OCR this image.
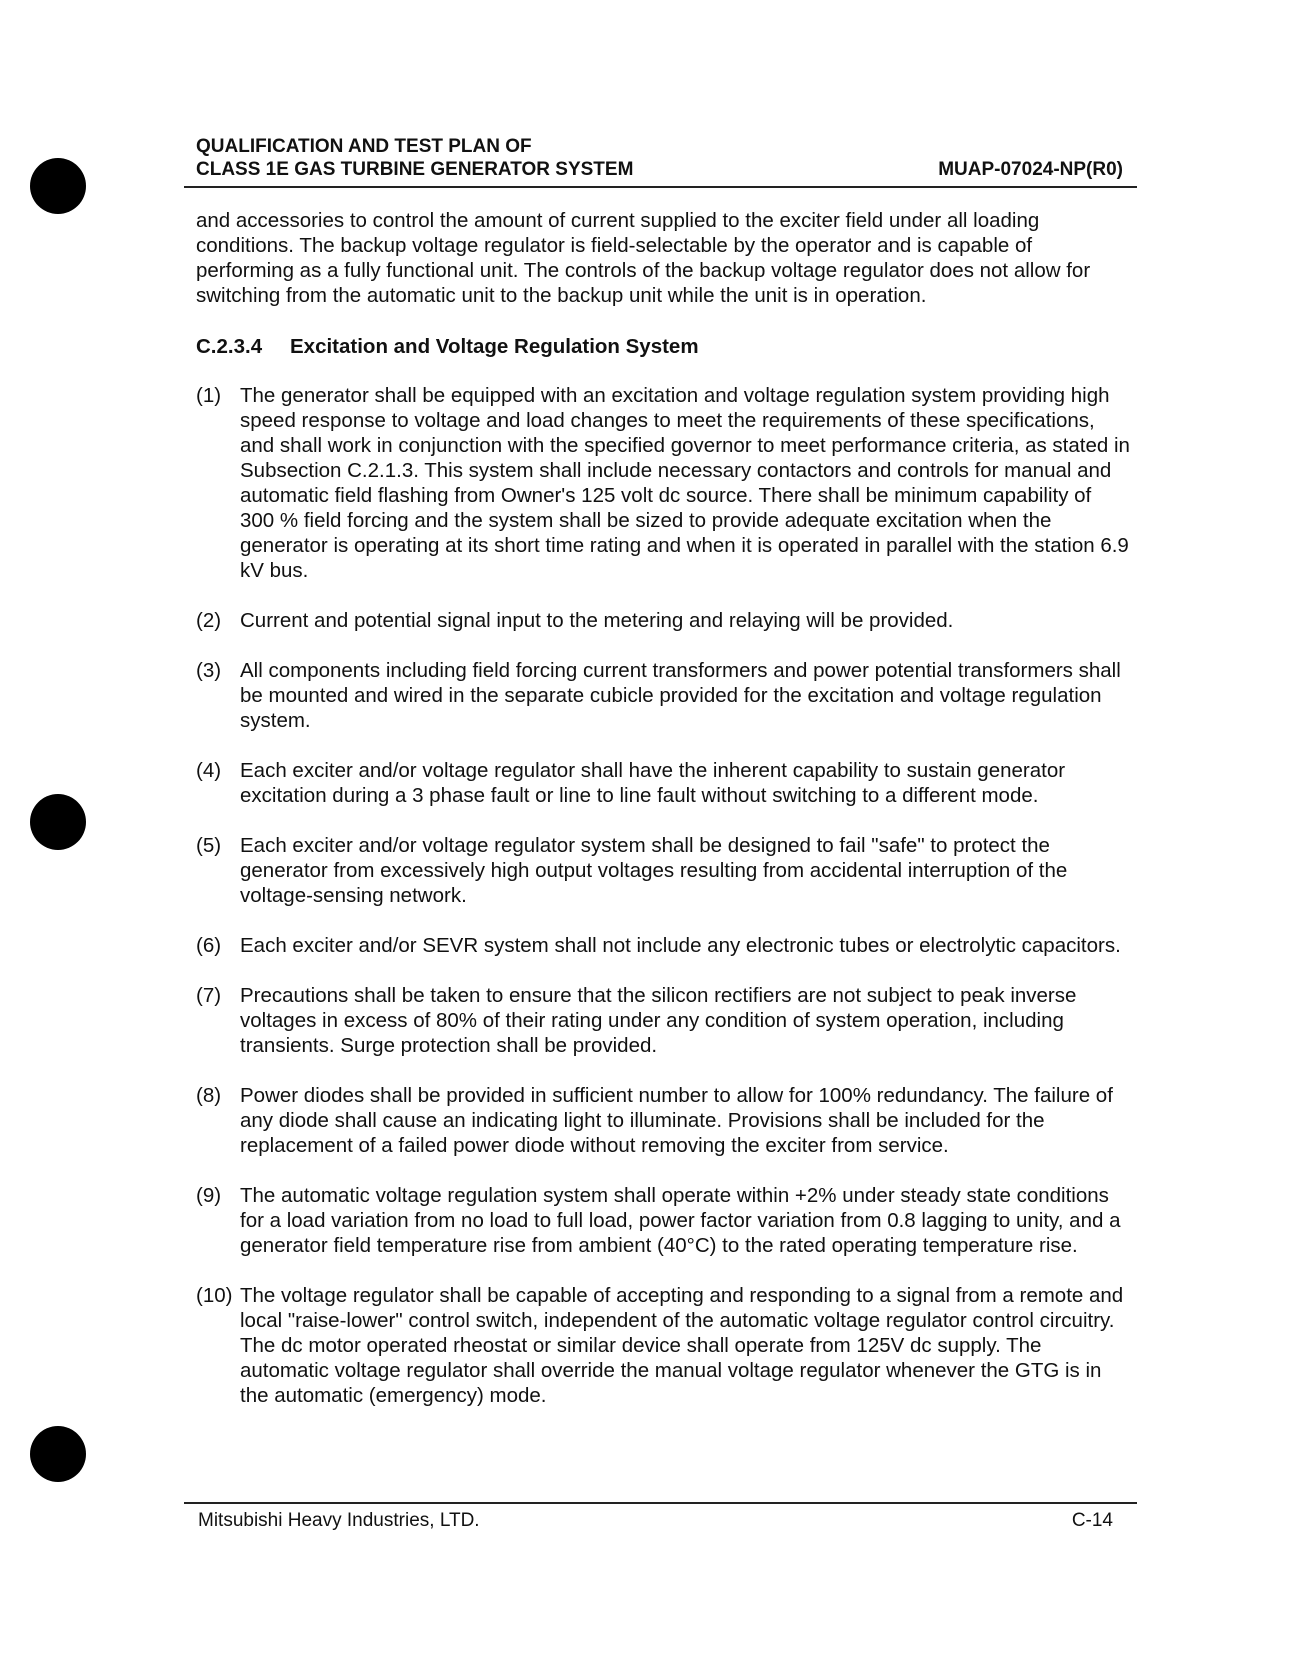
QUALIFICATION AND TEST PLAN OF
CLASS 1E GAS TURBINE GENERATOR SYSTEM	MUAP-07024-NP(R0)
and accessories to control the amount of current supplied to the exciter field under all loading conditions. The backup voltage regulator is field-selectable by the operator and is capable of performing as a fully functional unit. The controls of the backup voltage regulator does not allow for switching from the automatic unit to the backup unit while the unit is in operation.
C.2.3.4 Excitation and Voltage Regulation System
(1) The generator shall be equipped with an excitation and voltage regulation system providing high speed response to voltage and load changes to meet the requirements of these specifications, and shall work in conjunction with the specified governor to meet performance criteria, as stated in Subsection C.2.1.3. This system shall include necessary contactors and controls for manual and automatic field flashing from Owner's 125 volt dc source. There shall be minimum capability of 300 % field forcing and the system shall be sized to provide adequate excitation when the generator is operating at its short time rating and when it is operated in parallel with the station 6.9 kV bus.
(2) Current and potential signal input to the metering and relaying will be provided.
(3) All components including field forcing current transformers and power potential transformers shall be mounted and wired in the separate cubicle provided for the excitation and voltage regulation system.
(4) Each exciter and/or voltage regulator shall have the inherent capability to sustain generator excitation during a 3 phase fault or line to line fault without switching to a different mode.
(5) Each exciter and/or voltage regulator system shall be designed to fail "safe" to protect the generator from excessively high output voltages resulting from accidental interruption of the voltage-sensing network.
(6) Each exciter and/or SEVR system shall not include any electronic tubes or electrolytic capacitors.
(7) Precautions shall be taken to ensure that the silicon rectifiers are not subject to peak inverse voltages in excess of 80% of their rating under any condition of system operation, including transients. Surge protection shall be provided.
(8) Power diodes shall be provided in sufficient number to allow for 100% redundancy. The failure of any diode shall cause an indicating light to illuminate. Provisions shall be included for the replacement of a failed power diode without removing the exciter from service.
(9) The automatic voltage regulation system shall operate within +2% under steady state conditions for a load variation from no load to full load, power factor variation from 0.8 lagging to unity, and a generator field temperature rise from ambient (40°C) to the rated operating temperature rise.
(10) The voltage regulator shall be capable of accepting and responding to a signal from a remote and local "raise-lower" control switch, independent of the automatic voltage regulator control circuitry. The dc motor operated rheostat or similar device shall operate from 125V dc supply. The automatic voltage regulator shall override the manual voltage regulator whenever the GTG is in the automatic (emergency) mode.
Mitsubishi Heavy Industries, LTD.	C-14
